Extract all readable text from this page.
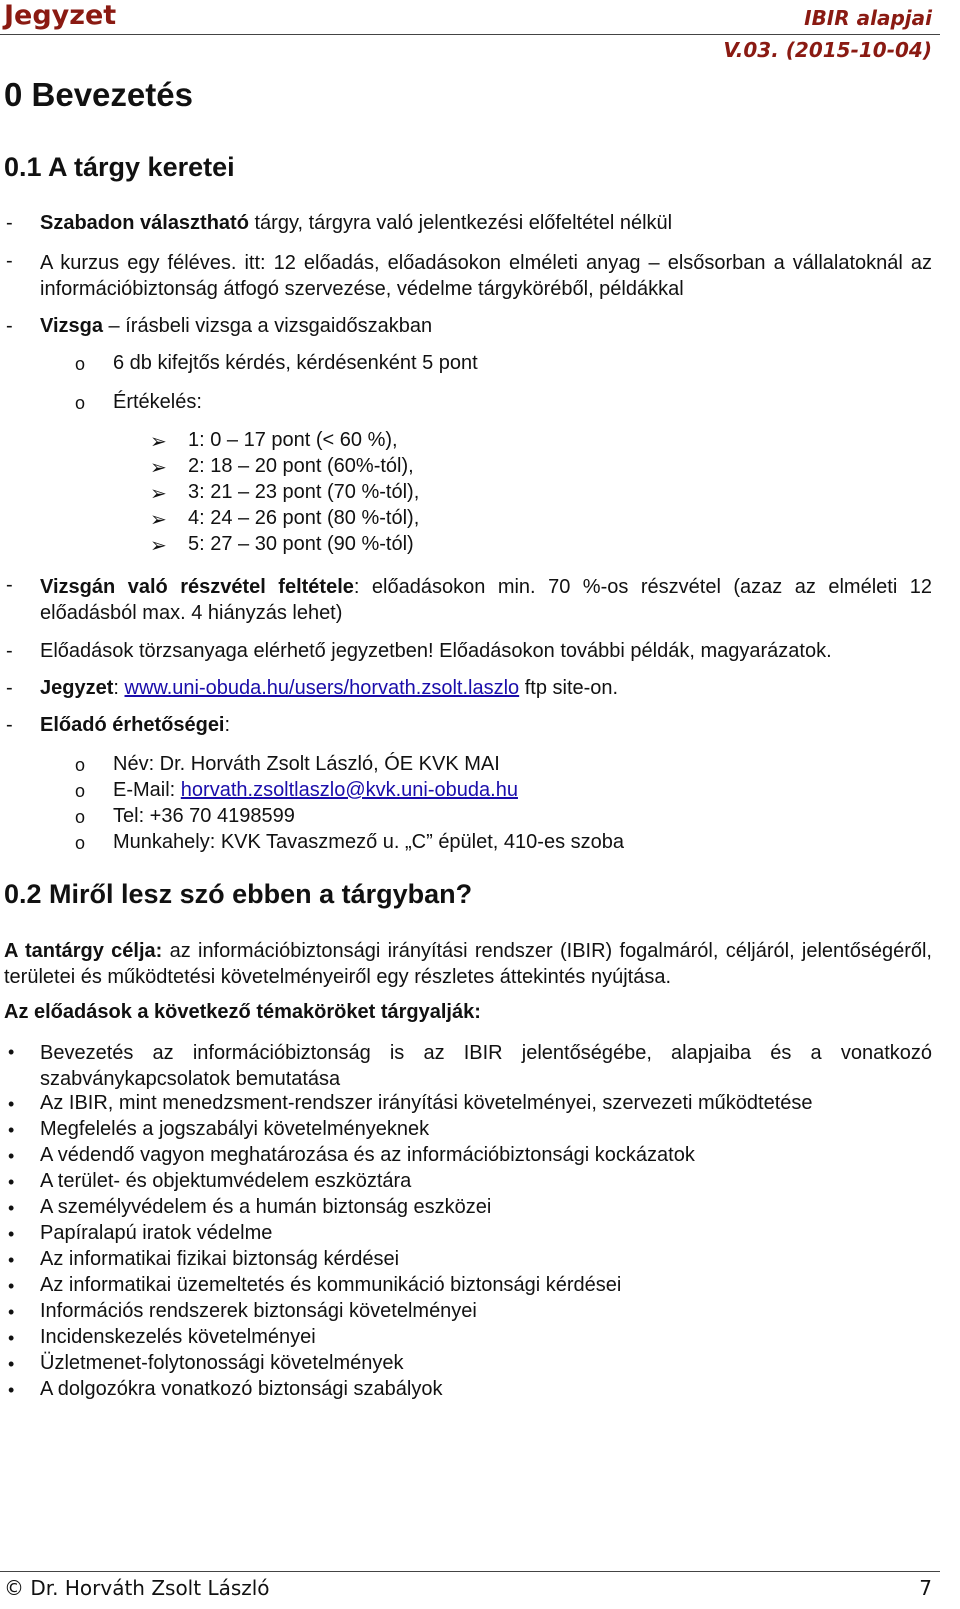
Jegyzet	IBIR alapjai
V.03. (2015-10-04)
0 Bevezetés
0.1 A tárgy keretei
- Szabadon választható tárgy, tárgyra való jelentkezési előfeltétel nélkül
- A kurzus egy féléves. itt: 12 előadás, előadásokon elméleti anyag – elsősorban a vállalatoknál az információbiztonság átfogó szervezése, védelme tárgyköréből, példákkal
- Vizsga – írásbeli vizsga a vizsgaidőszakban
o 6 db kifejtős kérdés, kérdésenként 5 pont
o Értékelés:
➢ 1: 0 – 17 pont (< 60 %),
➢ 2: 18 – 20 pont (60%-tól),
➢ 3: 21 – 23 pont (70 %-tól),
➢ 4: 24 – 26 pont (80 %-tól),
➢ 5: 27 – 30 pont (90 %-tól)
- Vizsgán való részvétel feltétele: előadásokon min. 70 %-os részvétel (azaz az elméleti 12 előadásból max. 4 hiányzás lehet)
- Előadások törzsanyaga elérhető jegyzetben! Előadásokon további példák, magyarázatok.
- Jegyzet: www.uni-obuda.hu/users/horvath.zsolt.laszlo ftp site-on.
- Előadó érhetőségei:
o Név: Dr. Horváth Zsolt László, ÓE KVK MAI
o E-Mail: horvath.zsoltlaszlo@kvk.uni-obuda.hu
o Tel: +36 70 4198599
o Munkahely: KVK Tavaszmező u. „C” épület, 410-es szoba
0.2 Miről lesz szó ebben a tárgyban?
A tantárgy célja: az információbiztonsági irányítási rendszer (IBIR) fogalmáról, céljáról, jelentőségéről, területei és működtetési követelményeiről egy részletes áttekintés nyújtása.
Az előadások a következő témaköröket tárgyalják:
• Bevezetés az információbiztonság is az IBIR jelentőségébe, alapjaiba és a vonatkozó szabványkapcsolatok bemutatása
• Az IBIR, mint menedzsment-rendszer irányítási követelményei, szervezeti működtetése
• Megfelelés a jogszabályi követelményeknek
• A védendő vagyon meghatározása és az információbiztonsági kockázatok
• A terület- és objektumvédelem eszköztára
• A személyvédelem és a humán biztonság eszközei
• Papíralapú iratok védelme
• Az informatikai fizikai biztonság kérdései
• Az informatikai üzemeltetés és kommunikáció biztonsági kérdései
• Információs rendszerek biztonsági követelményei
• Incidenskezelés követelményei
• Üzletmenet-folytonossági követelmények
• A dolgozókra vonatkozó biztonsági szabályok
© Dr. Horváth Zsolt László	7
